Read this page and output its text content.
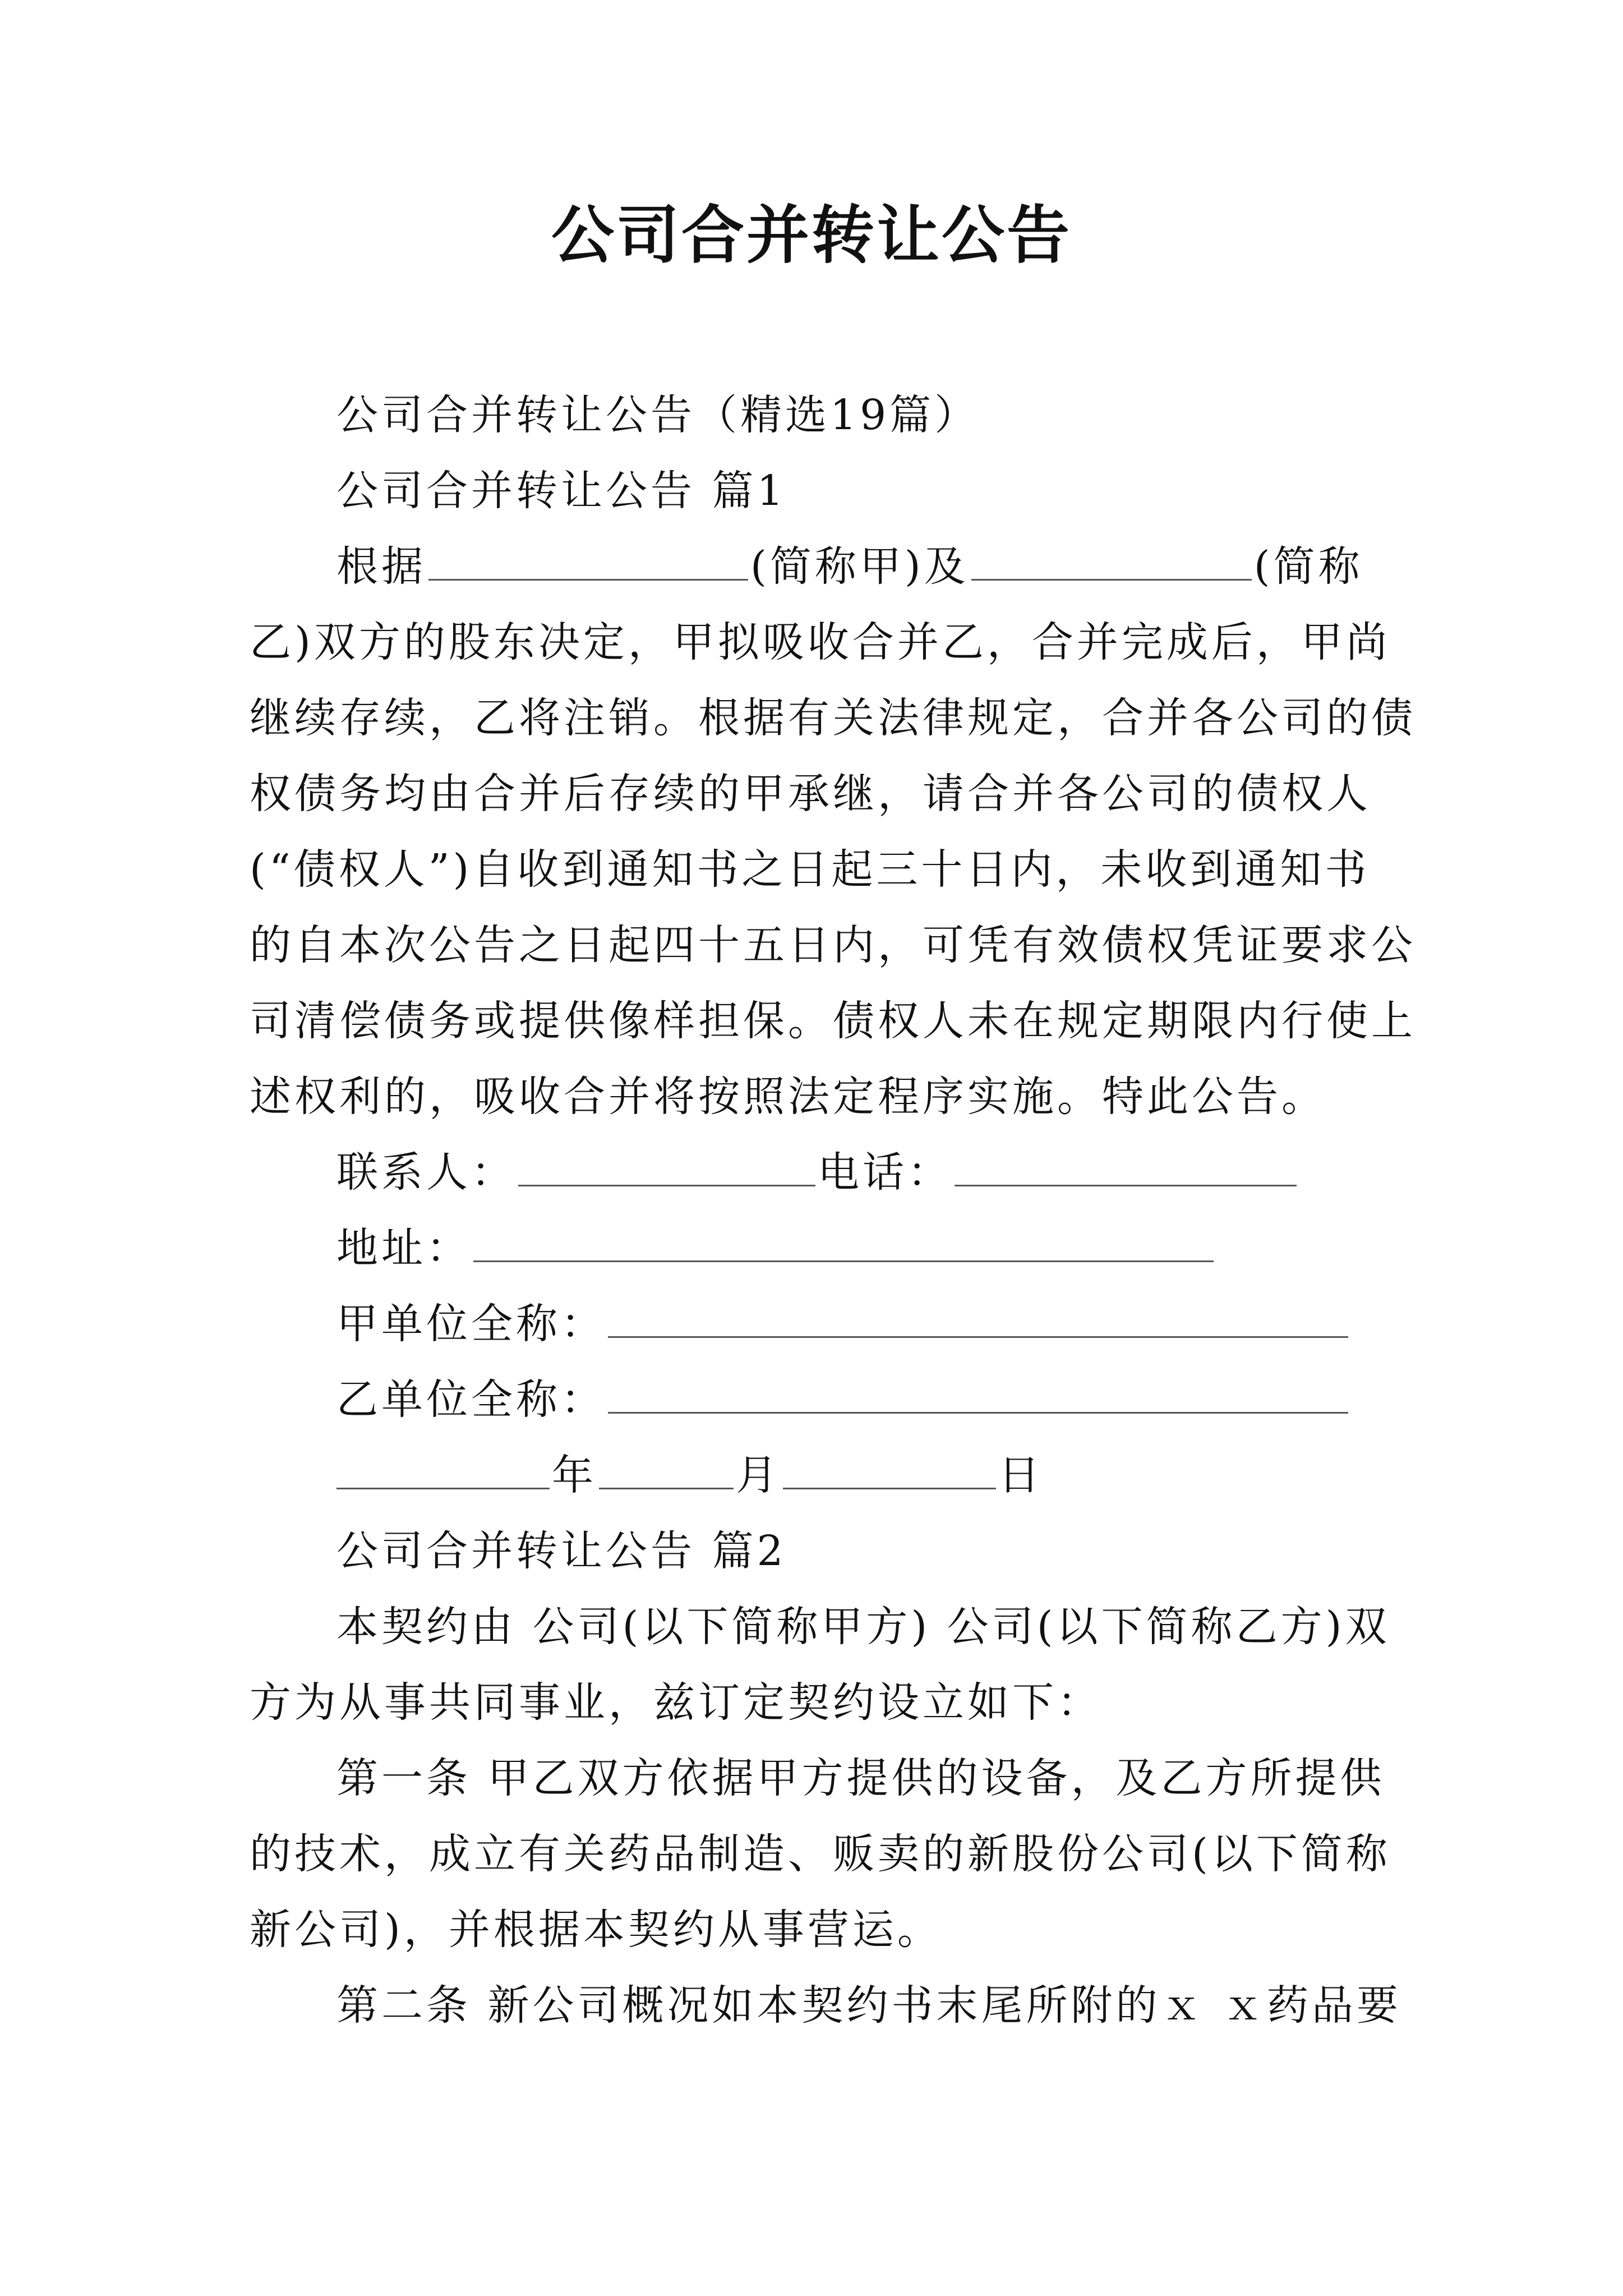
公司合并转让公告
公司合并转让公告（精选19篇）
公司合并转让公告 篇1
根据	(简称甲)及	(简称
乙)双方的股东决定，甲拟吸收合并乙，合并完成后，甲尚
继续存续，乙将注销。根据有关法律规定，合并各公司的债
权债务均由合并后存续的甲承继，请合并各公司的债权人
(“债权人”)自收到通知书之日起三十日内，未收到通知书
的自本次公告之日起四十五日内，可凭有效债权凭证要求公
司清偿债务或提供像样担保。债权人未在规定期限内行使上
述权利的，吸收合并将按照法定程序实施。特此公告。
联系人：	电话：
地址：
甲单位全称：
乙单位全称：
年	月	日
公司合并转让公告 篇2
本契约由 公司(以下简称甲方) 公司(以下简称乙方)双
方为从事共同事业，兹订定契约设立如下：
第一条 甲乙双方依据甲方提供的设备，及乙方所提供
的技术，成立有关药品制造、贩卖的新股份公司(以下简称
新公司)，并根据本契约从事营运。
第二条 新公司概况如本契约书末尾所附的ｘ ｘ药品要
